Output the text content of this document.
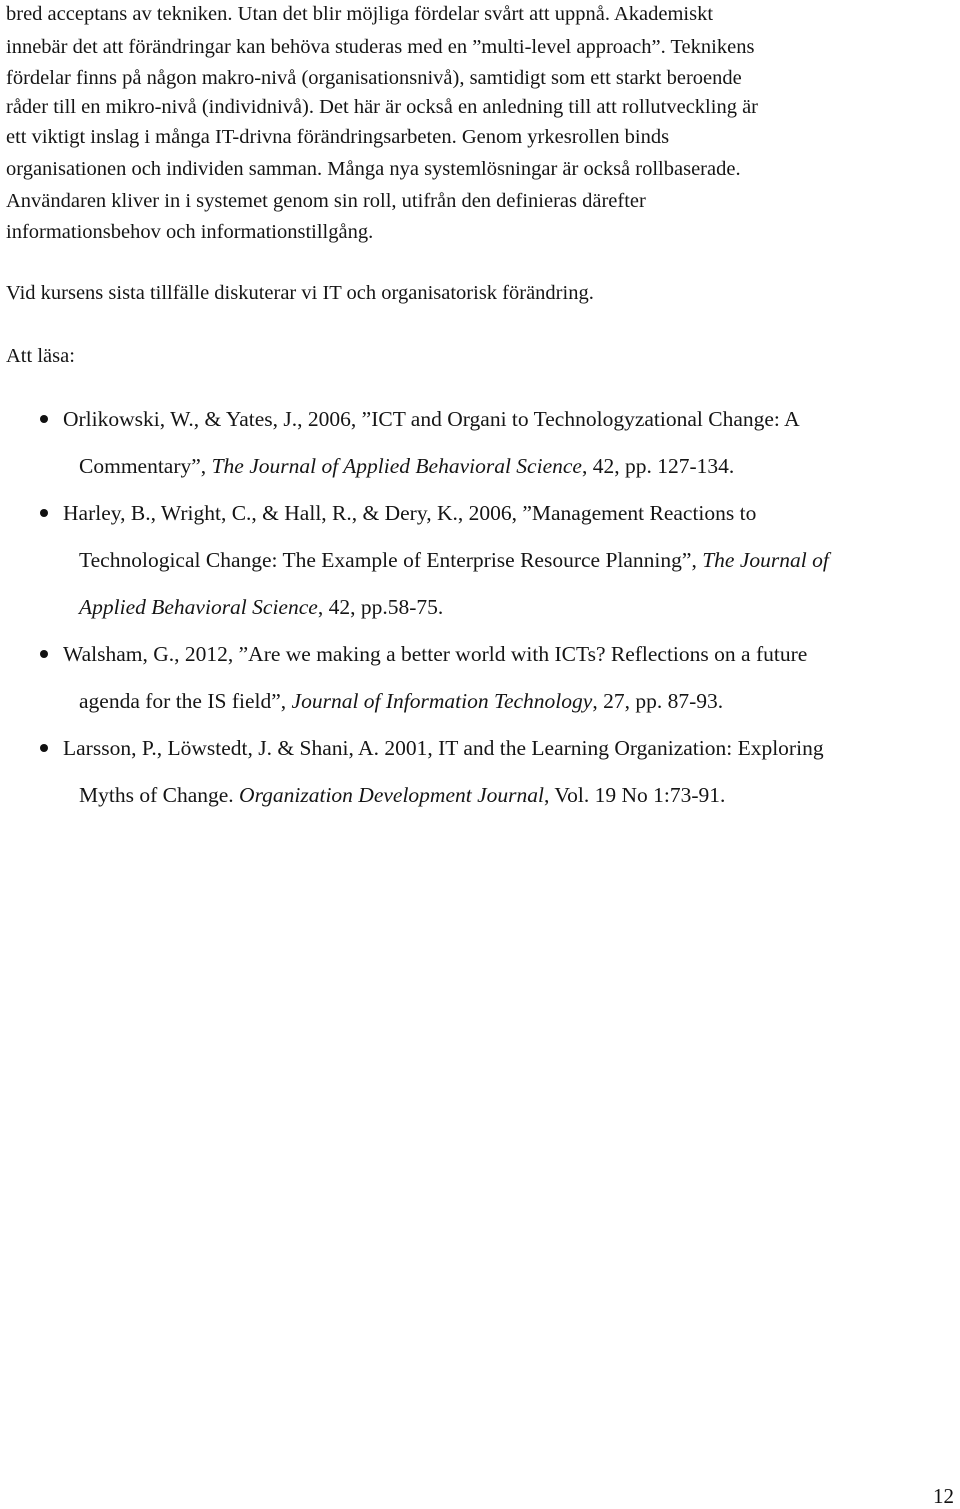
bred acceptans av tekniken. Utan det blir möjliga fördelar svårt att uppnå. Akademiskt
innebär det att förändringar kan behöva studeras med en ”multi-level approach”. Teknikens
fördelar finns på någon makro-nivå (organisationsnivå), samtidigt som ett starkt beroende
råder till en mikro-nivå (individnivå). Det här är också en anledning till att rollutveckling är
ett viktigt inslag i många IT-drivna förändringsarbeten. Genom yrkesrollen binds
organisationen och individen samman. Många nya systemlösningar är också rollbaserade.
Användaren kliver in i systemet genom sin roll, utifrån den definieras därefter
informationsbehov och informationstillgång.
Vid kursens sista tillfälle diskuterar vi IT och organisatorisk förändring.
Att läsa:
Orlikowski, W., & Yates, J., 2006, ”ICT and Organi to Technologyzational Change: A
Commentary”, The Journal of Applied Behavioral Science, 42, pp. 127-134.
Harley, B., Wright, C., & Hall, R., & Dery, K., 2006, ”Management Reactions to
Technological Change: The Example of Enterprise Resource Planning”, The Journal of
Applied Behavioral Science, 42, pp.58-75.
Walsham, G., 2012, ”Are we making a better world with ICTs? Reflections on a future
agenda for the IS field”, Journal of Information Technology, 27, pp. 87-93.
Larsson, P., Löwstedt, J. & Shani, A. 2001, IT and the Learning Organization: Exploring
Myths of Change. Organization Development Journal, Vol. 19 No 1:73-91.
12
